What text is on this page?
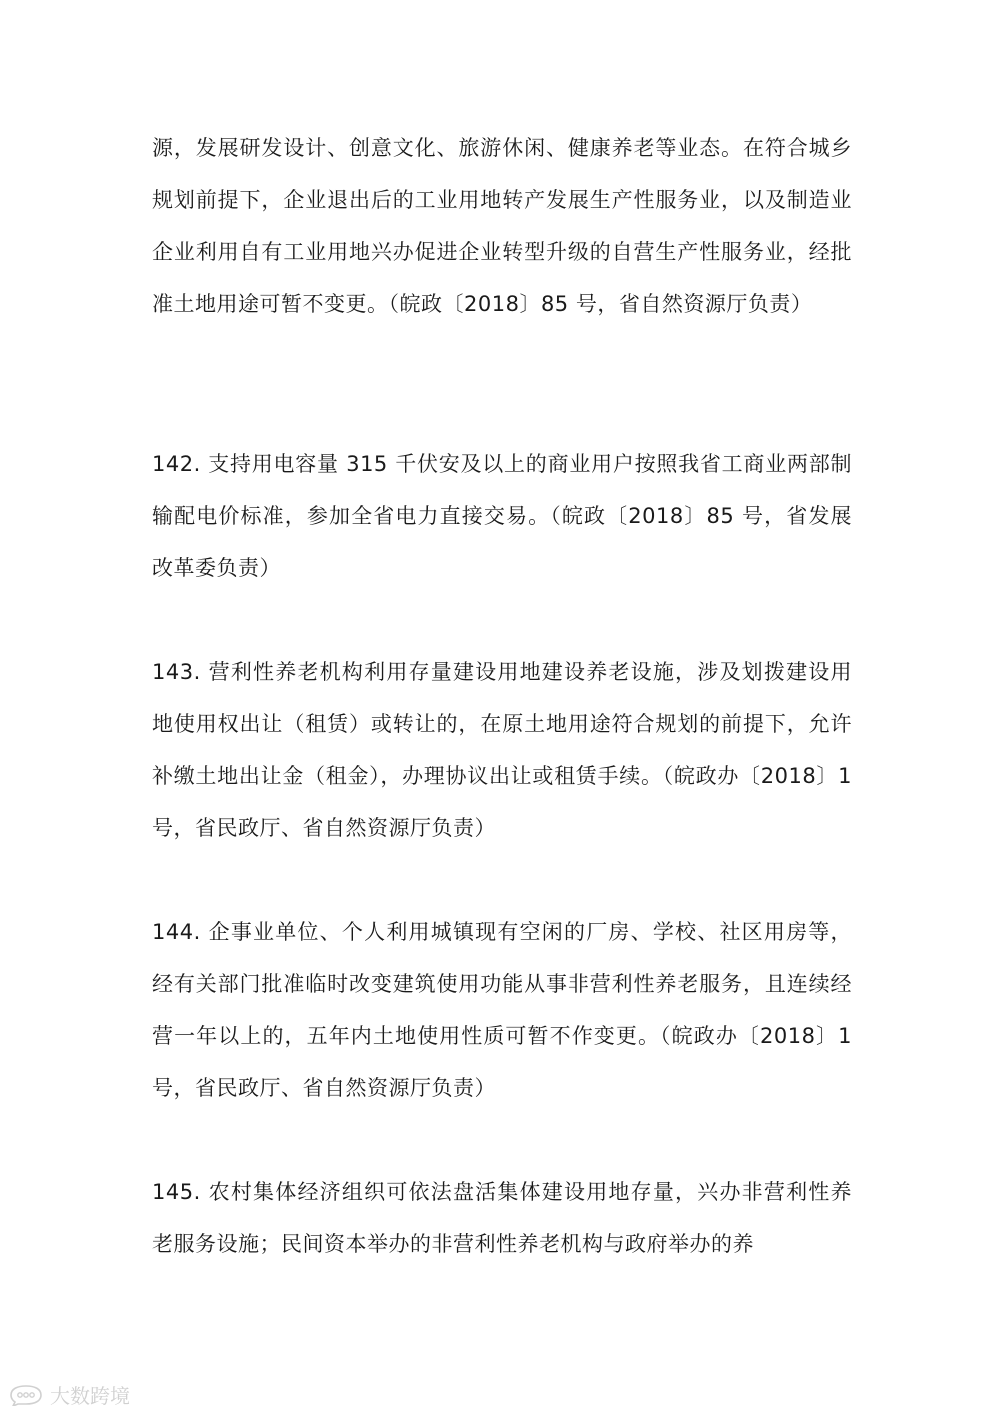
源，发展研发设计、创意文化、旅游休闲、健康养老等业态。在符合城乡规划前提下，企业退出后的工业用地转产发展生产性服务业，以及制造业企业利用自有工业用地兴办促进企业转型升级的自营生产性服务业，经批准土地用途可暂不变更。（皖政〔2018〕85 号，省自然资源厅负责）

142. 支持用电容量 315 千伏安及以上的商业用户按照我省工商业两部制输配电价标准，参加全省电力直接交易。（皖政〔2018〕85 号，省发展改革委负责）

143. 营利性养老机构利用存量建设用地建设养老设施，涉及划拨建设用地使用权出让（租赁）或转让的，在原土地用途符合规划的前提下，允许补缴土地出让金（租金），办理协议出让或租赁手续。（皖政办〔2018〕1 号，省民政厅、省自然资源厅负责）

144. 企事业单位、个人利用城镇现有空闲的厂房、学校、社区用房等，经有关部门批准临时改变建筑使用功能从事非营利性养老服务，且连续经营一年以上的，五年内土地使用性质可暂不作变更。（皖政办〔2018〕1 号，省民政厅、省自然资源厅负责）

145. 农村集体经济组织可依法盘活集体建设用地存量，兴办非营利性养老服务设施；民间资本举办的非营利性养老机构与政府举办的养

大数跨境
